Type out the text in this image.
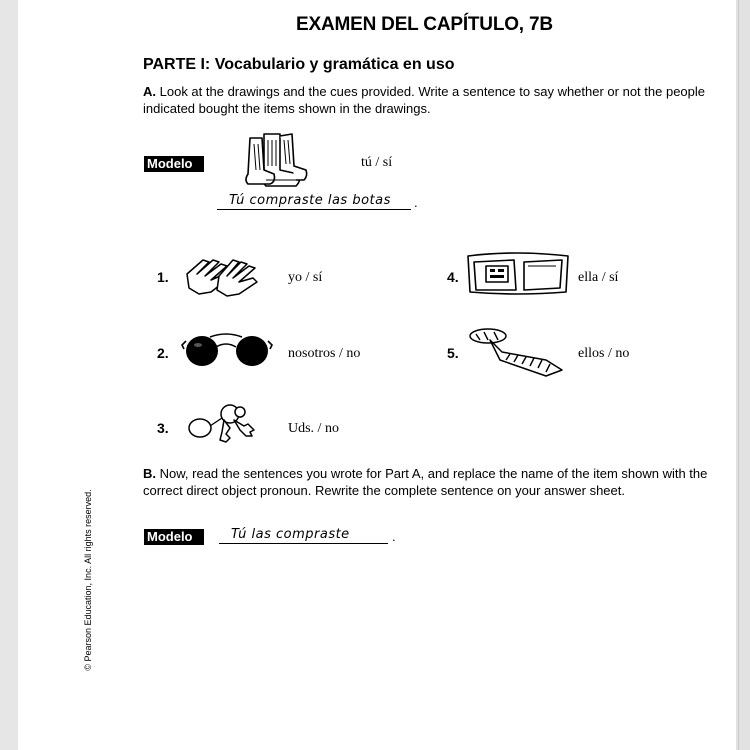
EXAMEN DEL CAPÍTULO, 7B
PARTE I: Vocabulario y gramática en uso
A. Look at the drawings and the cues provided. Write a sentence to say whether or not the people indicated bought the items shown in the drawings.
Modelo	tú / sí
Tú compraste las botas	.
1.	yo / sí	4.	ella / sí
2.	nosotros / no	5.	ellos / no
3.	Uds. / no
B. Now, read the sentences you wrote for Part A, and replace the name of the item shown with the correct direct object pronoun. Rewrite the complete sentence on your answer sheet.
Modelo	Tú las compraste	.
© Pearson Education, Inc. All rights reserved.
